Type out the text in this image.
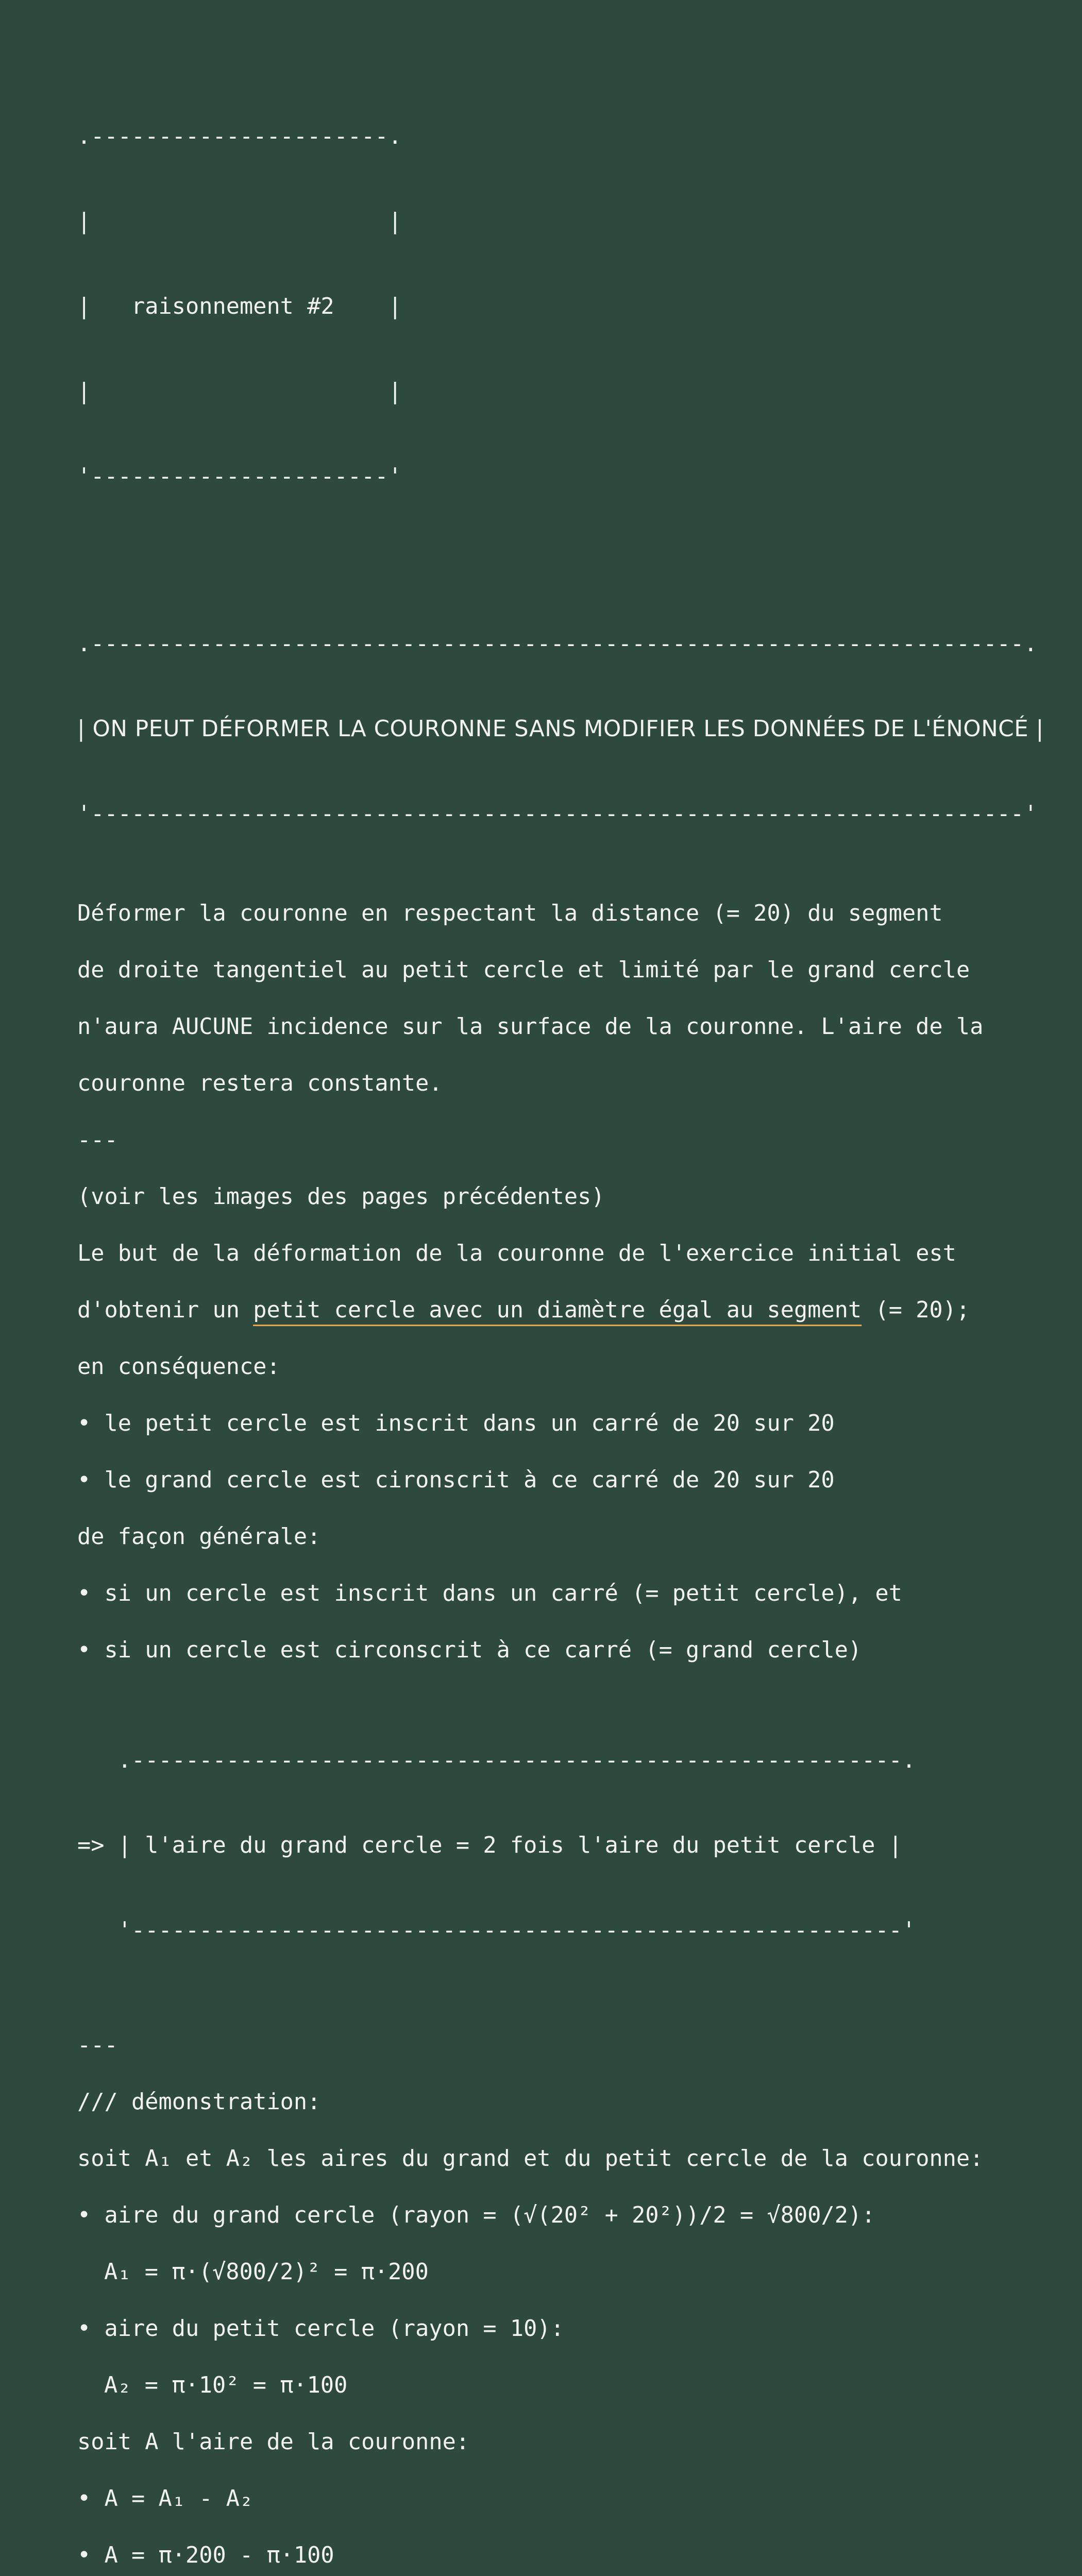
.----------------------.

|                      |

|   raisonnement #2    |

|                      |

'----------------------'

.---------------------------------------------------------------------.

| ON PEUT DÉFORMER LA COURONNE SANS MODIFIER LES DONNÉES DE L'ÉNONCÉ |

'---------------------------------------------------------------------'

Déformer la couronne en respectant la distance (= 20) du segment
de droite tangentiel au petit cercle et limité par le grand cercle
n'aura AUCUNE incidence sur la surface de la couronne. L'aire de la
couronne restera constante.
---
(voir les images des pages précédentes)
Le but de la déformation de la couronne de l'exercice initial est
d'obtenir un petit cercle avec un diamètre égal au segment (= 20);
en conséquence:
• le petit cercle est inscrit dans un carré de 20 sur 20
• le grand cercle est cironscrit à ce carré de 20 sur 20
de façon générale:
• si un cercle est inscrit dans un carré (= petit cercle), et
• si un cercle est circonscrit à ce carré (= grand cercle)

.---------------------------------------------------------.

=> | l'aire du grand cercle = 2 fois l'aire du petit cercle |

'---------------------------------------------------------'

---
/// démonstration:
soit A₁ et A₂ les aires du grand et du petit cercle de la couronne:
• aire du grand cercle (rayon = (√(20² + 20²))/2 = √800/2):
A₁ = π·(√800/2)² = π·200
• aire du petit cercle (rayon = 10):
A₂ = π·10² = π·100
soit A l'aire de la couronne:
• A = A₁ - A₂
• A = π·200 - π·100
